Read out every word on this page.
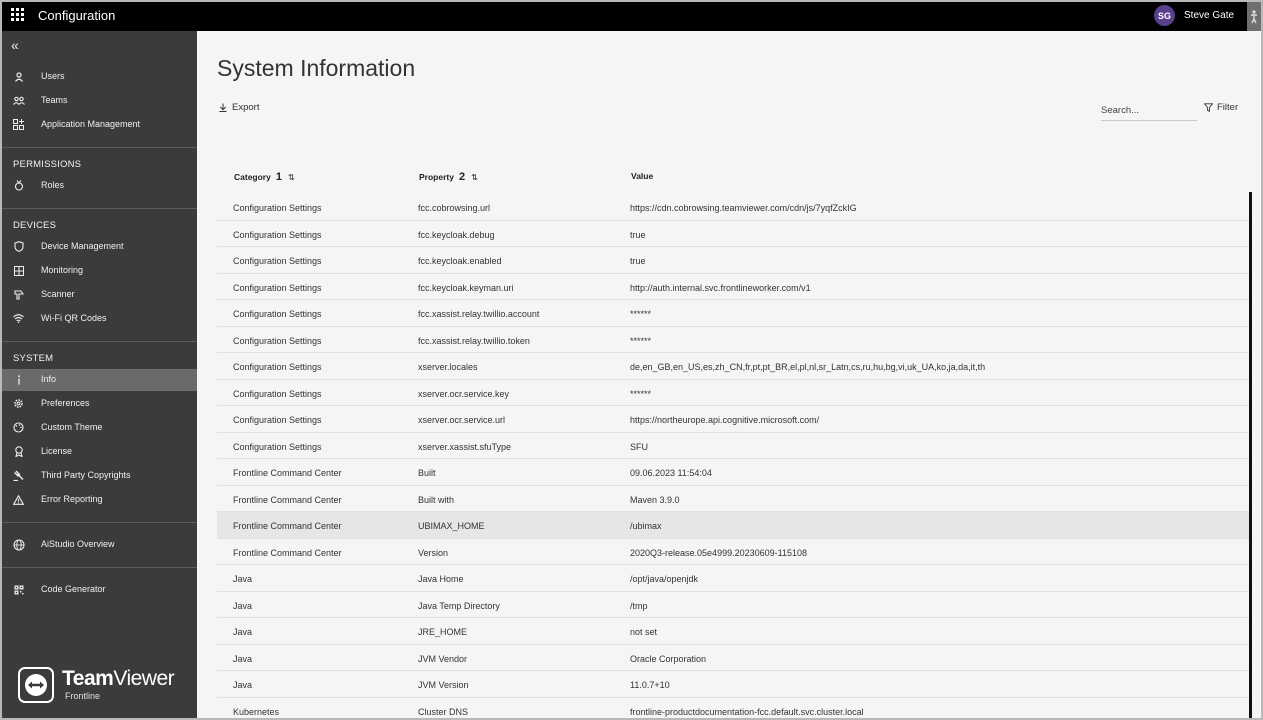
Configuration	SG	Steve Gate
«
Users
Teams
Application Management
PERMISSIONS
Roles
DEVICES
Device Management
Monitoring
Scanner
Wi-Fi QR Codes
SYSTEM
Info
Preferences
Custom Theme
License
Third Party Copyrights
Error Reporting
AiStudio Overview
Code Generator
TeamViewer
Frontline
System Information
Export
Search...	Filter
Category 1 ⇅	Property 2 ⇅	Value
Configuration Settings	fcc.cobrowsing.url	https://cdn.cobrowsing.teamviewer.com/cdn/js/7yqfZckIG
Configuration Settings	fcc.keycloak.debug	true
Configuration Settings	fcc.keycloak.enabled	true
Configuration Settings	fcc.keycloak.keyman.uri	http://auth.internal.svc.frontlineworker.com/v1
Configuration Settings	fcc.xassist.relay.twillio.account	******
Configuration Settings	fcc.xassist.relay.twillio.token	******
Configuration Settings	xserver.locales	de,en_GB,en_US,es,zh_CN,fr,pt,pt_BR,el,pl,nl,sr_Latn,cs,ru,hu,bg,vi,uk_UA,ko,ja,da,it,th
Configuration Settings	xserver.ocr.service.key	******
Configuration Settings	xserver.ocr.service.url	https://northeurope.api.cognitive.microsoft.com/
Configuration Settings	xserver.xassist.sfuType	SFU
Frontline Command Center	Built	09.06.2023 11:54:04
Frontline Command Center	Built with	Maven 3.9.0
Frontline Command Center	UBIMAX_HOME	/ubimax
Frontline Command Center	Version	2020Q3-release.05e4999.20230609-115108
Java	Java Home	/opt/java/openjdk
Java	Java Temp Directory	/tmp
Java	JRE_HOME	not set
Java	JVM Vendor	Oracle Corporation
Java	JVM Version	11.0.7+10
Kubernetes	Cluster DNS	frontline-productdocumentation-fcc.default.svc.cluster.local
